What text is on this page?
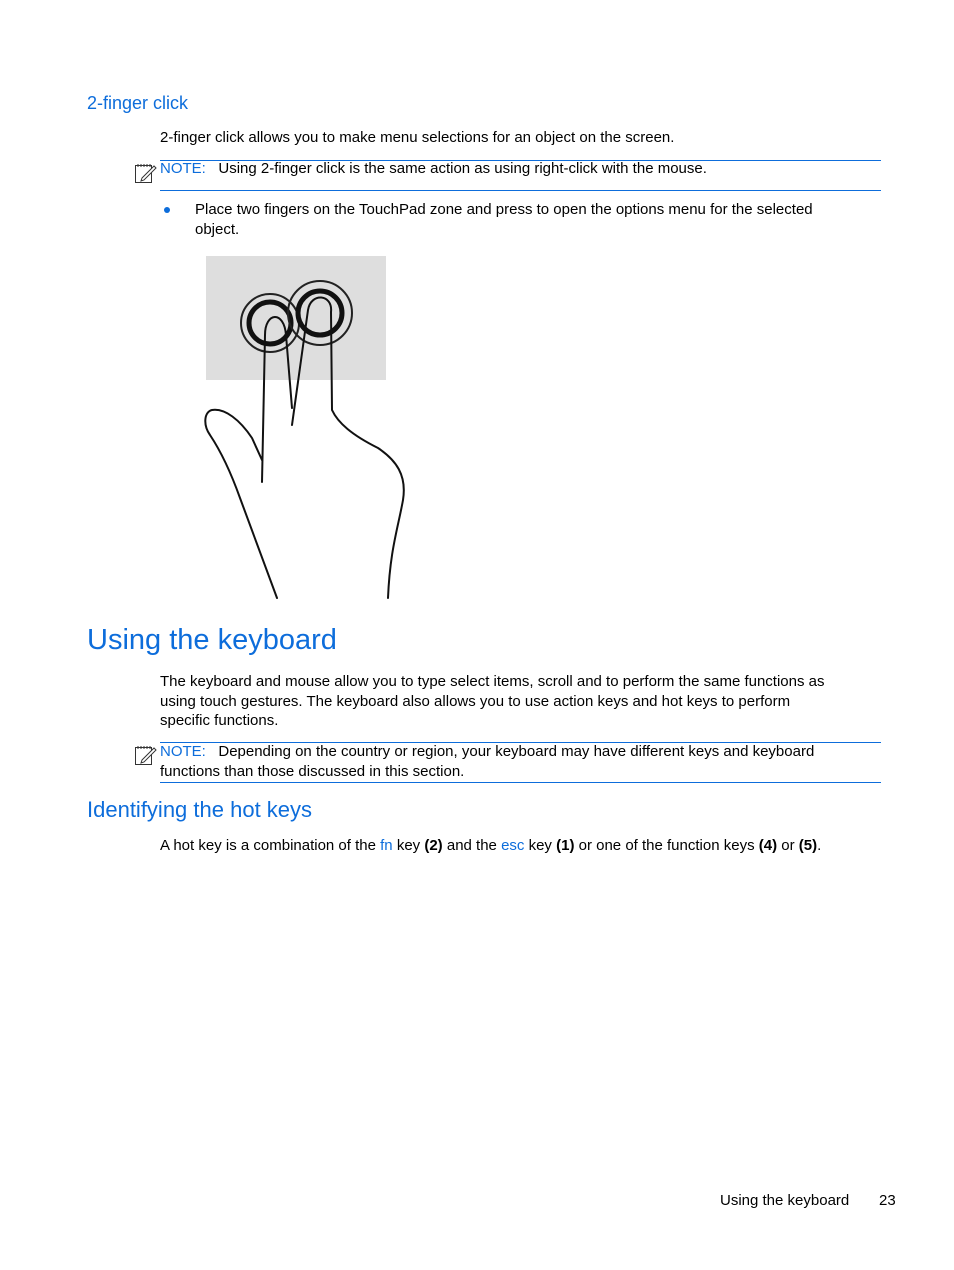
2-finger click
2-finger click allows you to make menu selections for an object on the screen.
NOTE: Using 2-finger click is the same action as using right-click with the mouse.
Place two fingers on the TouchPad zone and press to open the options menu for the selected
object.
Using the keyboard
The keyboard and mouse allow you to type select items, scroll and to perform the same functions as
using touch gestures. The keyboard also allows you to use action keys and hot keys to perform
specific functions.
NOTE: Depending on the country or region, your keyboard may have different keys and keyboard
functions than those discussed in this section.
Identifying the hot keys
A hot key is a combination of the fn key (2) and the esc key (1) or one of the function keys (4) or (5).
Using the keyboard 23
